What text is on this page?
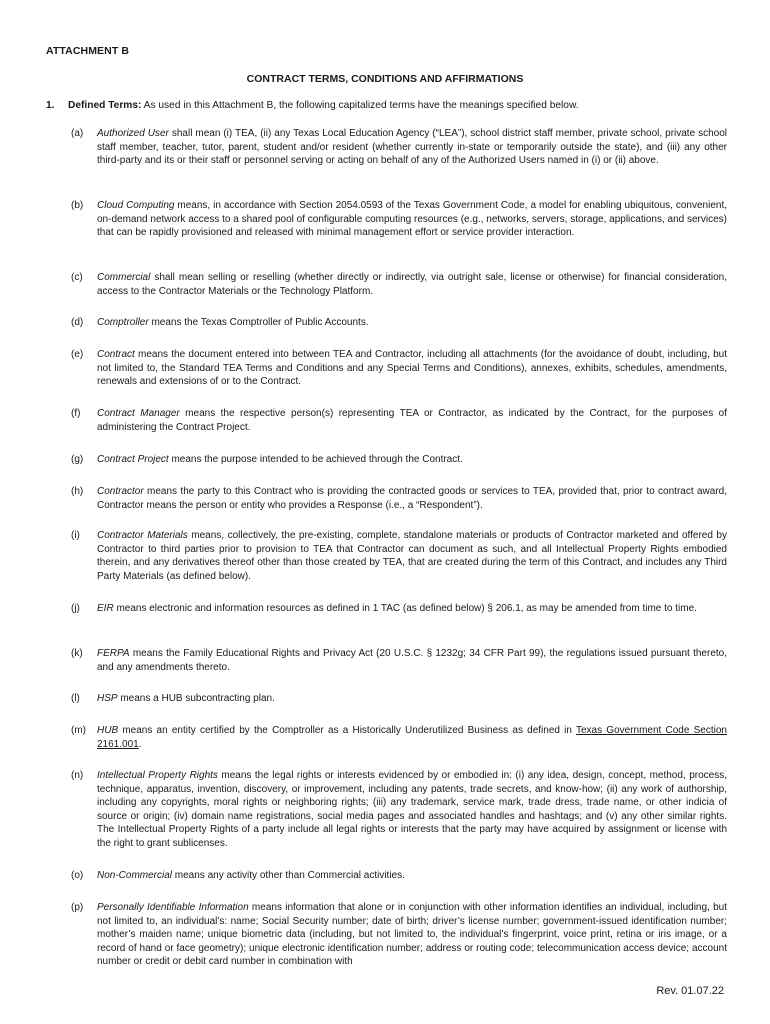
ATTACHMENT B
CONTRACT TERMS, CONDITIONS AND AFFIRMATIONS
1. Defined Terms: As used in this Attachment B, the following capitalized terms have the meanings specified below.
(a) Authorized User shall mean (i) TEA, (ii) any Texas Local Education Agency (“LEA”), school district staff member, private school, private school staff member, teacher, tutor, parent, student and/or resident (whether currently in-state or temporarily outside the state), and (iii) any other third-party and its or their staff or personnel serving or acting on behalf of any of the Authorized Users named in (i) or (ii) above.
(b) Cloud Computing means, in accordance with Section 2054.0593 of the Texas Government Code, a model for enabling ubiquitous, convenient, on-demand network access to a shared pool of configurable computing resources (e.g., networks, servers, storage, applications, and services) that can be rapidly provisioned and released with minimal management effort or service provider interaction.
(c) Commercial shall mean selling or reselling (whether directly or indirectly, via outright sale, license or otherwise) for financial consideration, access to the Contractor Materials or the Technology Platform.
(d) Comptroller means the Texas Comptroller of Public Accounts.
(e) Contract means the document entered into between TEA and Contractor, including all attachments (for the avoidance of doubt, including, but not limited to, the Standard TEA Terms and Conditions and any Special Terms and Conditions), annexes, exhibits, schedules, amendments, renewals and extensions of or to the Contract.
(f) Contract Manager means the respective person(s) representing TEA or Contractor, as indicated by the Contract, for the purposes of administering the Contract Project.
(g) Contract Project means the purpose intended to be achieved through the Contract.
(h) Contractor means the party to this Contract who is providing the contracted goods or services to TEA, provided that, prior to contract award, Contractor means the person or entity who provides a Response (i.e., a “Respondent”).
(i) Contractor Materials means, collectively, the pre-existing, complete, standalone materials or products of Contractor marketed and offered by Contractor to third parties prior to provision to TEA that Contractor can document as such, and all Intellectual Property Rights embodied therein, and any derivatives thereof other than those created by TEA, that are created during the term of this Contract, and includes any Third Party Materials (as defined below).
(j) EIR means electronic and information resources as defined in 1 TAC (as defined below) § 206.1, as may be amended from time to time.
(k) FERPA means the Family Educational Rights and Privacy Act (20 U.S.C. § 1232g; 34 CFR Part 99), the regulations issued pursuant thereto, and any amendments thereto.
(l) HSP means a HUB subcontracting plan.
(m) HUB means an entity certified by the Comptroller as a Historically Underutilized Business as defined in Texas Government Code Section 2161.001.
(n) Intellectual Property Rights means the legal rights or interests evidenced by or embodied in: (i) any idea, design, concept, method, process, technique, apparatus, invention, discovery, or improvement, including any patents, trade secrets, and know-how; (ii) any work of authorship, including any copyrights, moral rights or neighboring rights; (iii) any trademark, service mark, trade dress, trade name, or other indicia of source or origin; (iv) domain name registrations, social media pages and associated handles and hashtags; and (v) any other similar rights. The Intellectual Property Rights of a party include all legal rights or interests that the party may have acquired by assignment or license with the right to grant sublicenses.
(o) Non-Commercial means any activity other than Commercial activities.
(p) Personally Identifiable Information means information that alone or in conjunction with other information identifies an individual, including, but not limited to, an individual’s: name; Social Security number; date of birth; driver’s license number; government-issued identification number; mother’s maiden name; unique biometric data (including, but not limited to, the individual’s fingerprint, voice print, retina or iris image, or a record of hand or face geometry); unique electronic identification number; address or routing code; telecommunication access device; account number or credit or debit card number in combination with
Rev. 01.07.22
